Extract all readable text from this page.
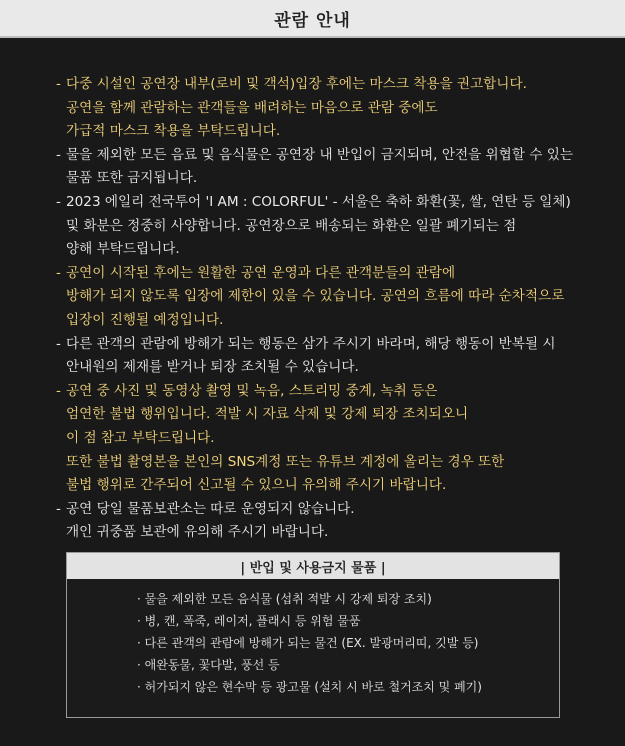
관람 안내
- 다중 시설인 공연장 내부(로비 및 객석)입장 후에는 마스크 착용을 권고합니다.
공연을 함께 관람하는 관객들을 배려하는 마음으로 관람 중에도
가급적 마스크 착용을 부탁드립니다.
- 물을 제외한 모든 음료 및 음식물은 공연장 내 반입이 금지되며, 안전을 위협할 수 있는
물품 또한 금지됩니다.
- 2023 에일리 전국투어 'I AM : COLORFUL' - 서울은 축하 화환(꽃, 쌀, 연탄 등 일체)
및 화분은 정중히 사양합니다. 공연장으로 배송되는 화환은 일괄 폐기되는 점
양해 부탁드립니다.
- 공연이 시작된 후에는 원활한 공연 운영과 다른 관객분들의 관람에
방해가 되지 않도록 입장에 제한이 있을 수 있습니다. 공연의 흐름에 따라 순차적으로
입장이 진행될 예정입니다.
- 다른 관객의 관람에 방해가 되는 행동은 삼가 주시기 바라며, 해당 행동이 반복될 시
안내원의 제재를 받거나 퇴장 조치될 수 있습니다.
- 공연 중 사진 및 동영상 촬영 및 녹음, 스트리밍 중계, 녹취 등은
엄연한 불법 행위입니다. 적발 시 자료 삭제 및 강제 퇴장 조치되오니
이 점 참고 부탁드립니다.
또한 불법 촬영본을 본인의 SNS계정 또는 유튜브 계정에 올리는 경우 또한
불법 행위로 간주되어 신고될 수 있으니 유의해 주시기 바랍니다.
- 공연 당일 물품보관소는 따로 운영되지 않습니다.
개인 귀중품 보관에 유의해 주시기 바랍니다.
| 반입 및 사용금지 물품 |
· 물을 제외한 모든 음식물 (섭취 적발 시 강제 퇴장 조치)
· 병, 캔, 폭죽, 레이저, 플래시 등 위험 물품
· 다른 관객의 관람에 방해가 되는 물건 (EX. 발광머리띠, 깃발 등)
· 애완동물, 꽃다발, 풍선 등
· 허가되지 않은 현수막 등 광고물 (설치 시 바로 철거조치 및 폐기)
